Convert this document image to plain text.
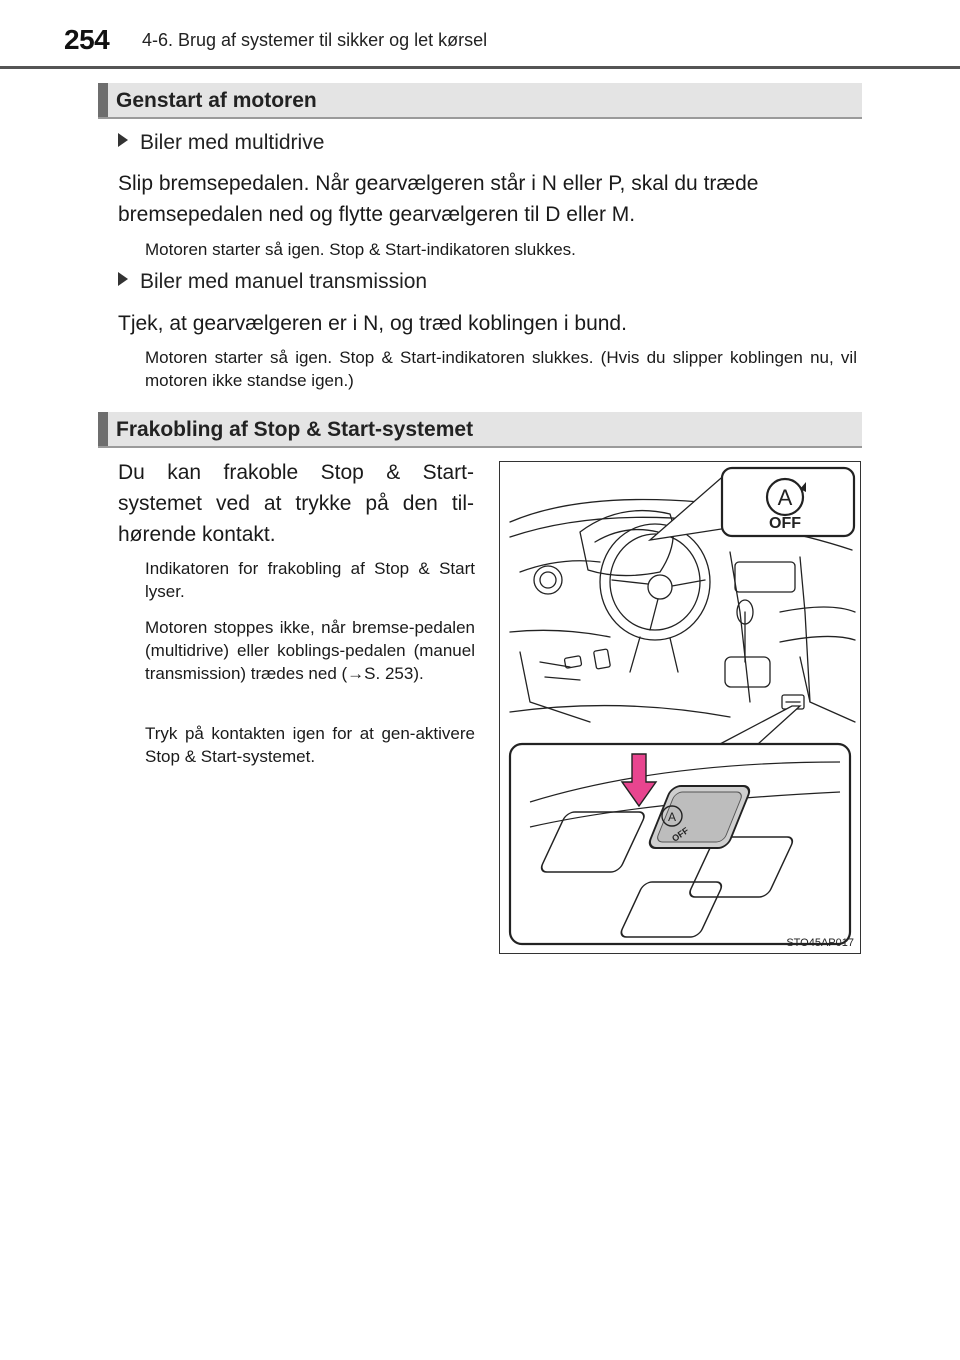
254 4-6. Brug af systemer til sikker og let kørsel
Genstart af motoren
Biler med multidrive
Slip bremsepedalen. Når gearvælgeren står i N eller P, skal du træde
bremsepedalen ned og flytte gearvælgeren til D eller M.
Motoren starter så igen. Stop & Start-indikatoren slukkes.
Biler med manuel transmission
Tjek, at gearvælgeren er i N, og træd koblingen i bund.
Motoren starter så igen. Stop & Start-indikatoren slukkes. (Hvis du slipper koblingen nu, vil motoren ikke standse igen.)
Frakobling af Stop & Start-systemet
Du kan frakoble Stop & Start-systemet ved at trykke på den til-hørende kontakt.
Indikatoren for frakobling af Stop & Start lyser.
Motoren stoppes ikke, når bremse-pedalen (multidrive) eller koblings-pedalen (manuel transmission) trædes ned (→S. 253).
Tryk på kontakten igen for at gen-aktivere Stop & Start-systemet.
A
OFF
A
OFF
STO45AP017
